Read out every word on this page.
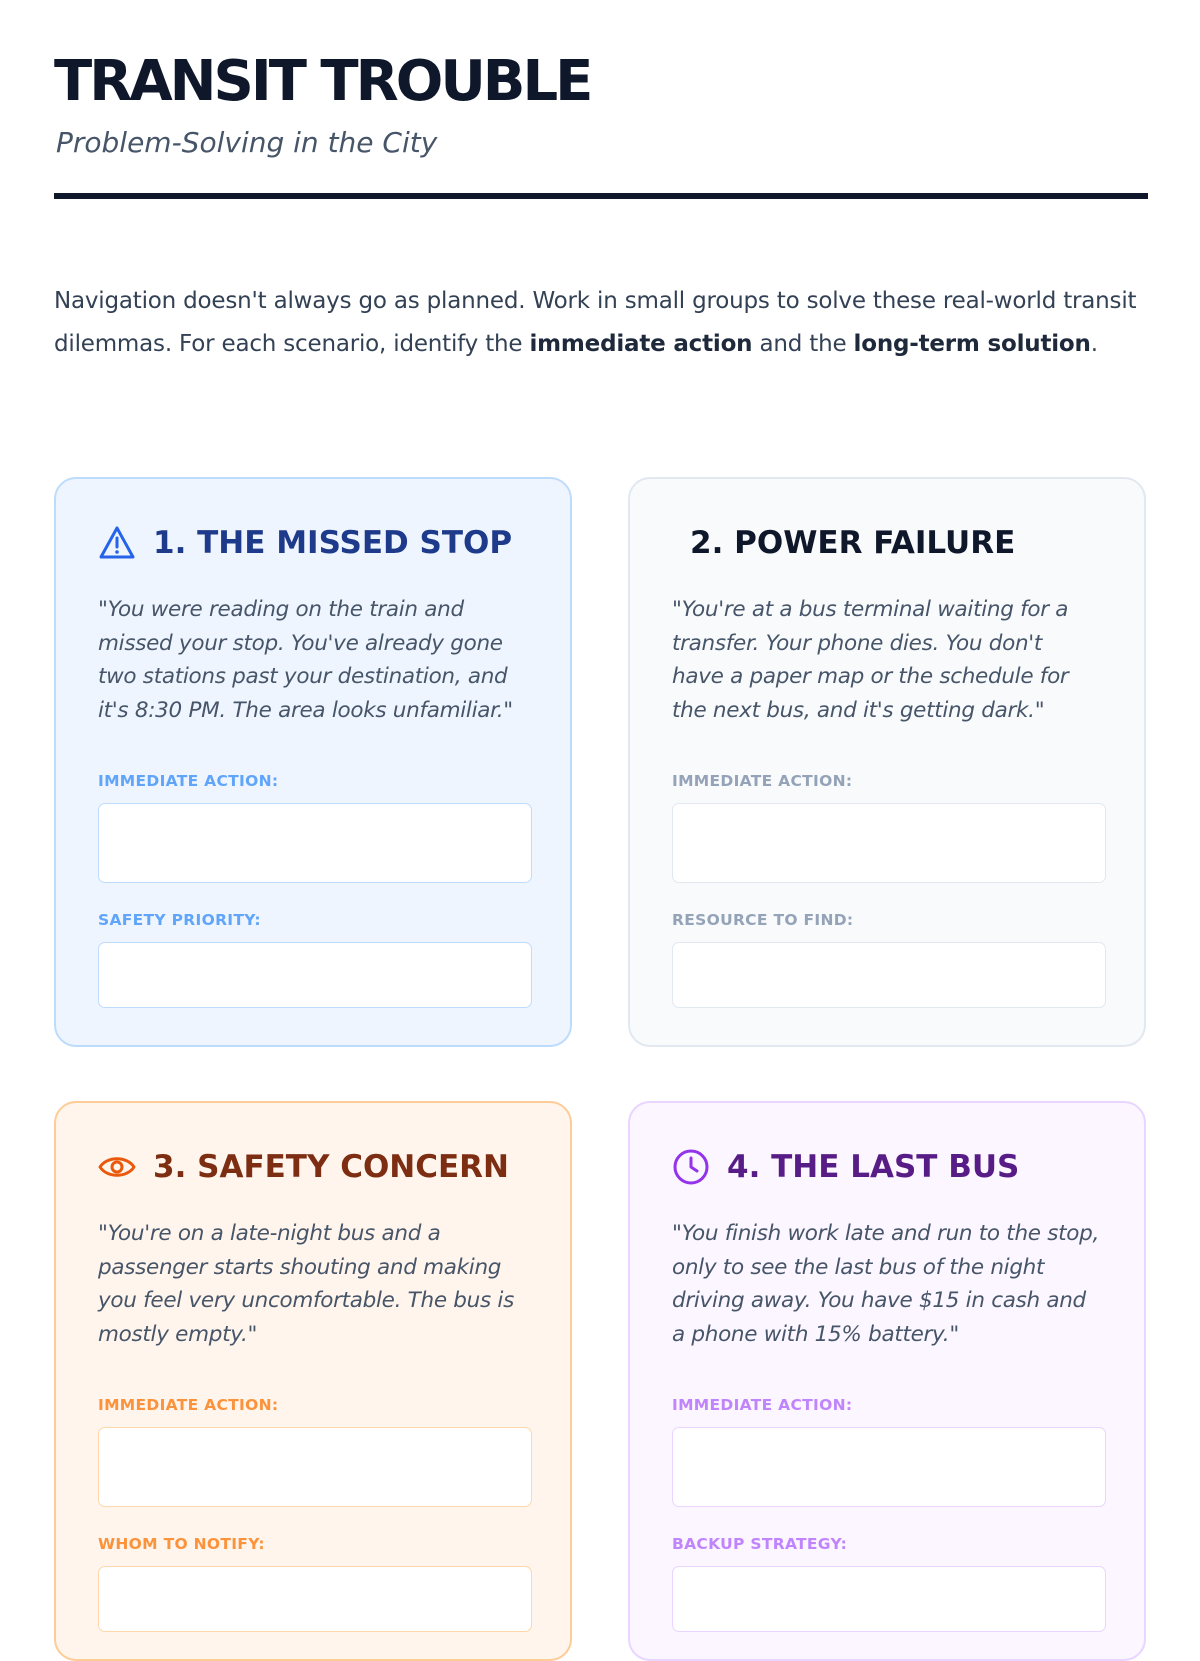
TRANSIT TROUBLE
Problem-Solving in the City

Navigation doesn't always go as planned. Work in small groups to solve these real-world transit dilemmas. For each scenario, identify the immediate action and the long-term solution.

1. THE MISSED STOP
"You were reading on the train and missed your stop. You've already gone two stations past your destination, and it's 8:30 PM. The area looks unfamiliar."
IMMEDIATE ACTION:
SAFETY PRIORITY:
2. POWER FAILURE
"You're at a bus terminal waiting for a transfer. Your phone dies. You don't have a paper map or the schedule for the next bus, and it's getting dark."
IMMEDIATE ACTION:
RESOURCE TO FIND:
3. SAFETY CONCERN
"You're on a late-night bus and a passenger starts shouting and making you feel very uncomfortable. The bus is mostly empty."
IMMEDIATE ACTION:
WHOM TO NOTIFY:
4. THE LAST BUS
"You finish work late and run to the stop, only to see the last bus of the night driving away. You have $15 in cash and a phone with 15% battery."
IMMEDIATE ACTION:
BACKUP STRATEGY:
